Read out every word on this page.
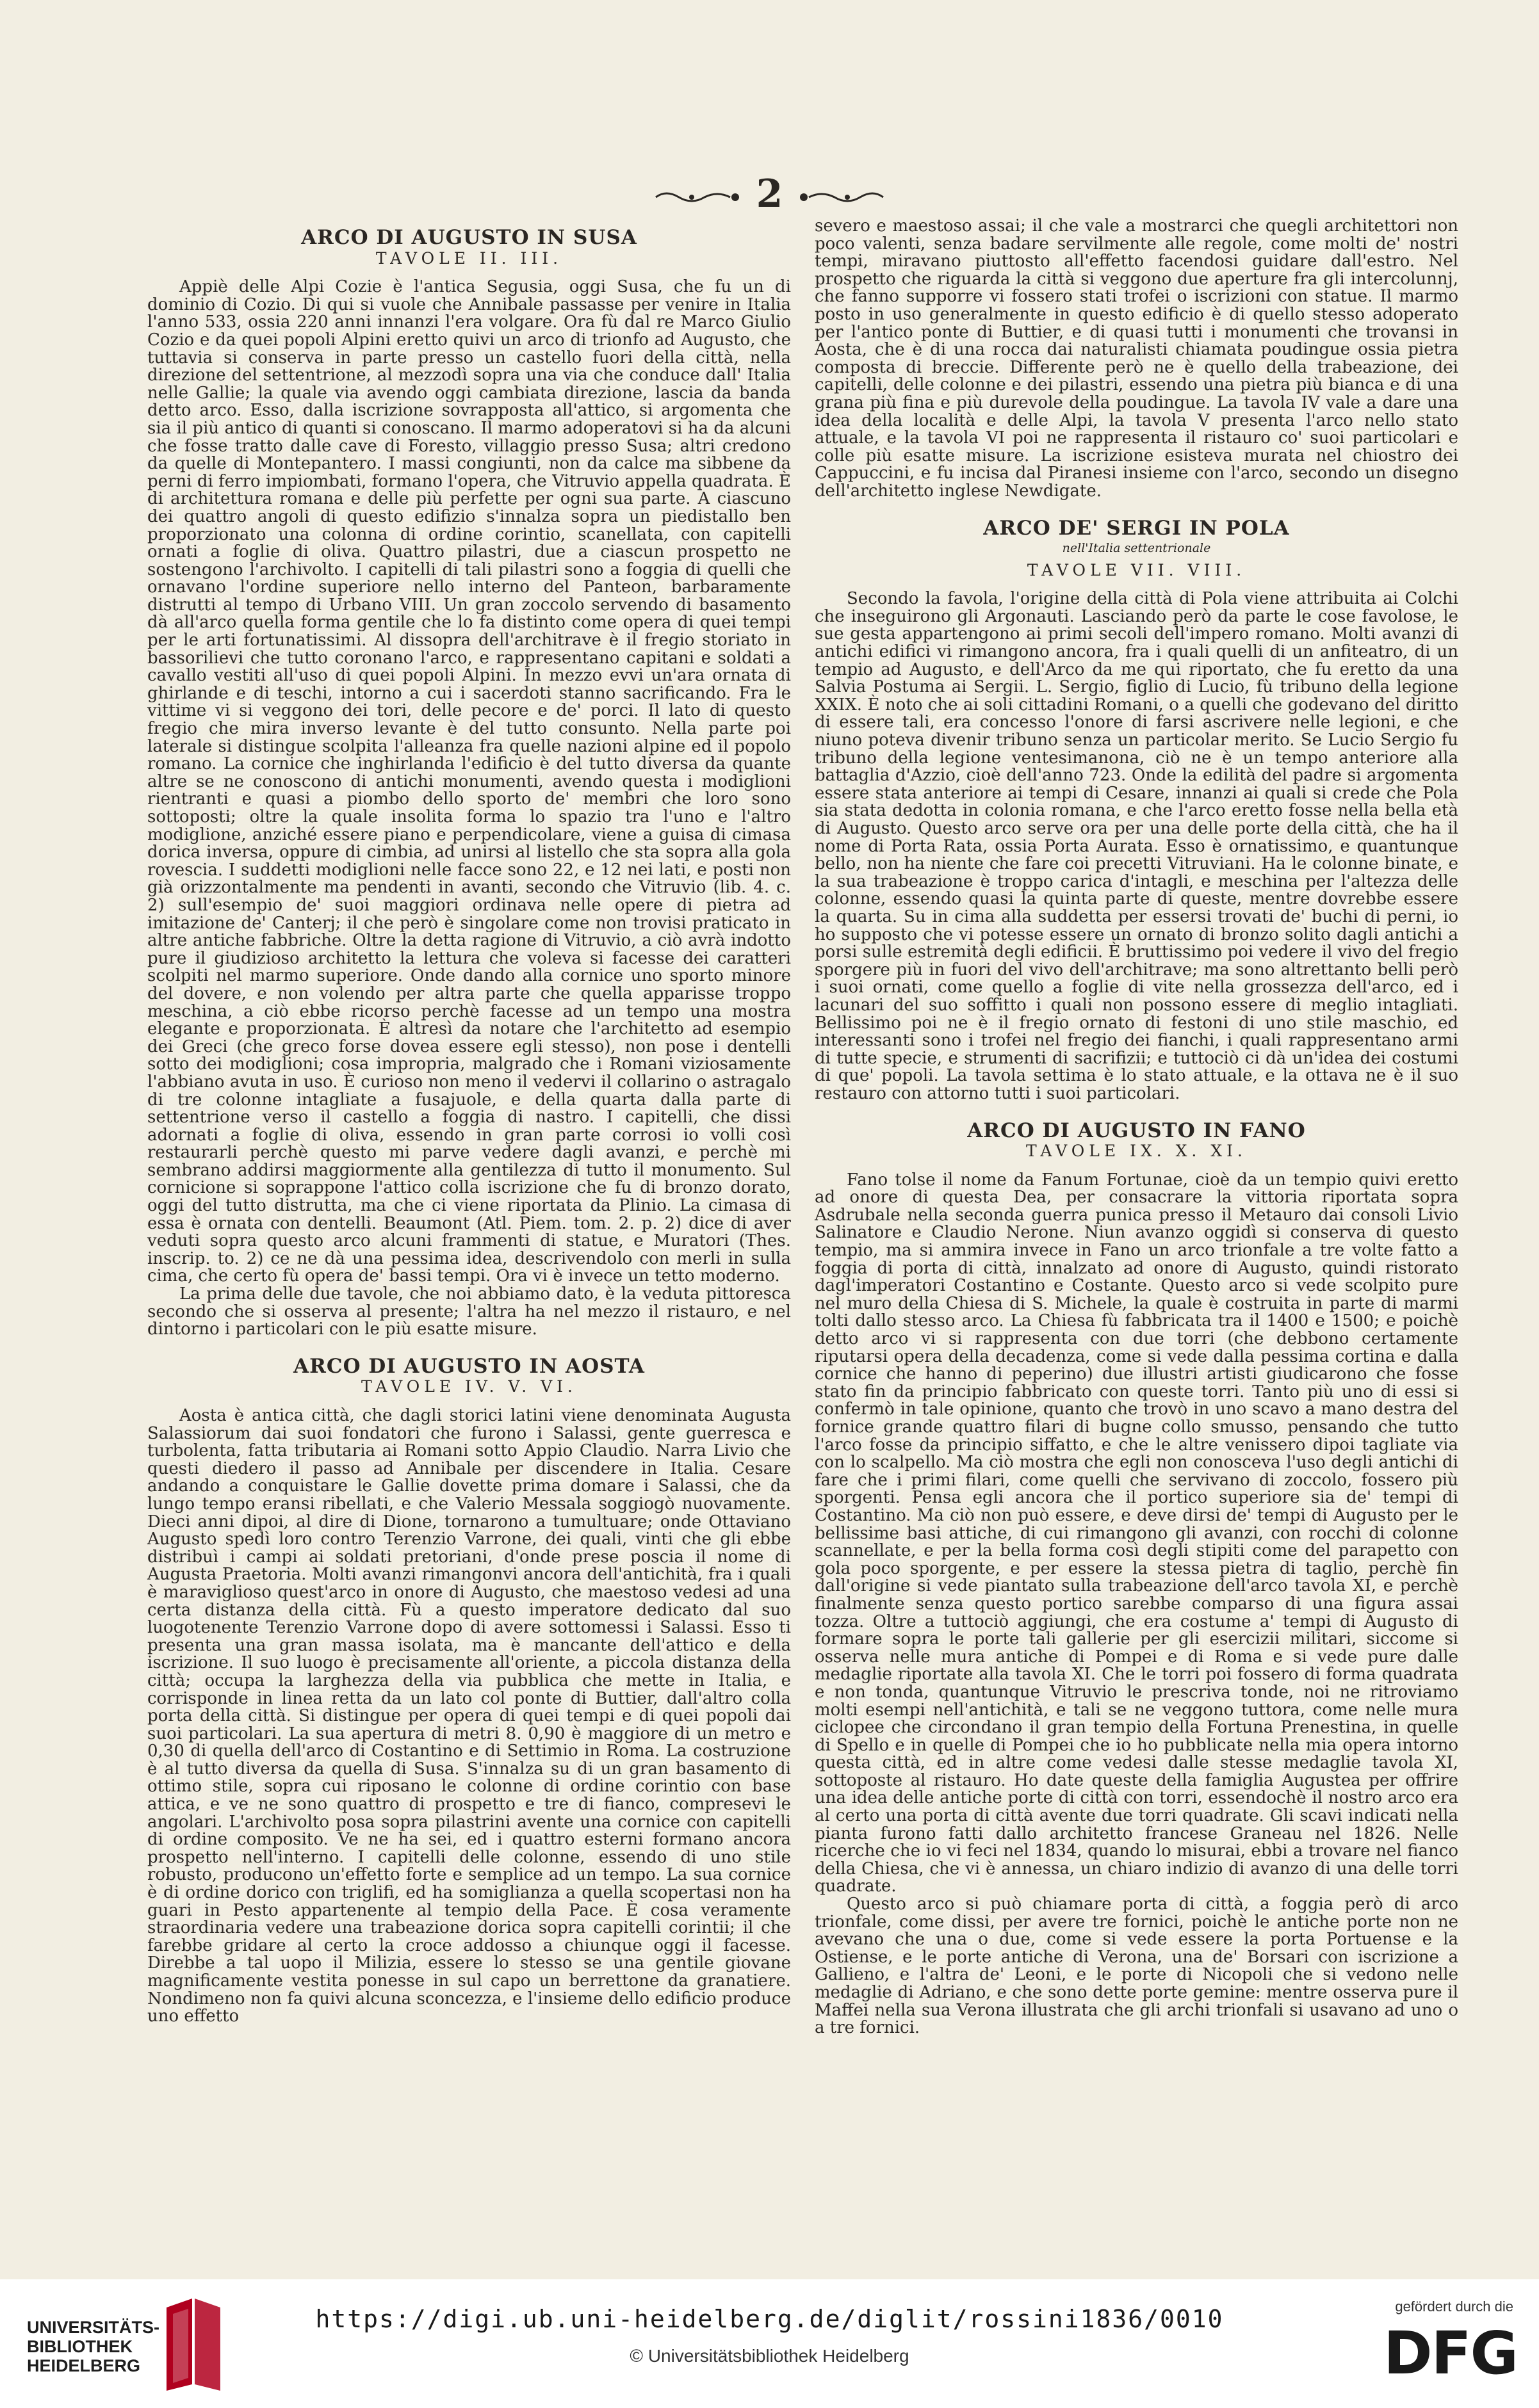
2
ARCO DI AUGUSTO IN SUSA
TAVOLE II. III.

Appiè delle Alpi Cozie è l'antica Segusia, oggi Susa, che fu un di dominio di Cozio. Di qui si vuole che Annibale passasse per venire in Italia l'anno 533, ossia 220 anni innanzi l'era volgare. Ora fù dal re Marco Giulio Cozio e da quei popoli Alpini eretto quivi un arco di trionfo ad Augusto, che tuttavia si conserva in parte presso un castello fuori della città, nella direzione del settentrione, al mezzodì sopra una via che conduce dall' Italia nelle Gallie; la quale via avendo oggi cambiata direzione, lascia da banda detto arco. Esso, dalla iscrizione sovrapposta all'attico, si argomenta che sia il più antico di quanti si conoscano. Il marmo adoperatovi si ha da alcuni che fosse tratto dalle cave di Foresto, villaggio presso Susa; altri credono da quelle di Montepantero. I massi congiunti, non da calce ma sibbene da perni di ferro impiombati, formano l'opera, che Vitruvio appella quadrata. È di architettura romana e delle più perfette per ogni sua parte. A ciascuno dei quattro angoli di questo edifizio s'innalza sopra un piedistallo ben proporzionato una colonna di ordine corintio, scanellata, con capitelli ornati a foglie di oliva. Quattro pilastri, due a ciascun prospetto ne sostengono l'archivolto. I capitelli di tali pilastri sono a foggia di quelli che ornavano l'ordine superiore nello interno del Panteon, barbaramente distrutti al tempo di Urbano VIII. Un gran zoccolo servendo di basamento dà all'arco quella forma gentile che lo fa distinto come opera di quei tempi per le arti fortunatissimi. Al dissopra dell'architrave è il fregio storiato in bassorilievi che tutto coronano l'arco, e rappresentano capitani e soldati a cavallo vestiti all'uso di quei popoli Alpini. In mezzo evvi un'ara ornata di ghirlande e di teschi, intorno a cui i sacerdoti stanno sacrificando. Fra le vittime vi si veggono dei tori, delle pecore e de' porci. Il lato di questo fregio che mira inverso levante è del tutto consunto. Nella parte poi laterale si distingue scolpita l'alleanza fra quelle nazioni alpine ed il popolo romano. La cornice che inghirlanda l'edificio è del tutto diversa da quante altre se ne conoscono di antichi monumenti, avendo questa i modiglioni rientranti e quasi a piombo dello sporto de' membri che loro sono sottoposti; oltre la quale insolita forma lo spazio tra l'uno e l'altro modiglione, anziché essere piano e perpendicolare, viene a guisa di cimasa dorica inversa, oppure di cimbia, ad unirsi al listello che sta sopra alla gola rovescia. I suddetti modiglioni nelle facce sono 22, e 12 nei lati, e posti non già orizzontalmente ma pendenti in avanti, secondo che Vitruvio (lib. 4. c. 2) sull'esempio de' suoi maggiori ordinava nelle opere di pietra ad imitazione de' Canterj; il che però è singolare come non trovisi praticato in altre antiche fabbriche. Oltre la detta ragione di Vitruvio, a ciò avrà indotto pure il giudizioso architetto la lettura che voleva si facesse dei caratteri scolpiti nel marmo superiore. Onde dando alla cornice uno sporto minore del dovere, e non volendo per altra parte che quella apparisse troppo meschina, a ciò ebbe ricorso perchè facesse ad un tempo una mostra elegante e proporzionata. È altresì da notare che l'architetto ad esempio dei Greci (che greco forse dovea essere egli stesso), non pose i dentelli sotto dei modiglioni; cosa impropria, malgrado che i Romani viziosamente l'abbiano avuta in uso. È curioso non meno il vedervi il collarino o astragalo di tre colonne intagliate a fusajuole, e della quarta dalla parte di settentrione verso il castello a foggia di nastro. I capitelli, che dissi adornati a foglie di oliva, essendo in gran parte corrosi io volli così restaurarli perchè questo mi parve vedere dagli avanzi, e perchè mi sembrano addirsi maggiormente alla gentilezza di tutto il monumento. Sul cornicione si soprappone l'attico colla iscrizione che fu di bronzo dorato, oggi del tutto distrutta, ma che ci viene riportata da Plinio. La cimasa di essa è ornata con dentelli. Beaumont (Atl. Piem. tom. 2. p. 2) dice di aver veduti sopra questo arco alcuni frammenti di statue, e Muratori (Thes. inscrip. to. 2) ce ne dà una pessima idea, descrivendolo con merli in sulla cima, che certo fù opera de' bassi tempi. Ora vi è invece un tetto moderno.

La prima delle due tavole, che noi abbiamo dato, è la veduta pittoresca secondo che si osserva al presente; l'altra ha nel mezzo il ristauro, e nel dintorno i particolari con le più esatte misure.

ARCO DI AUGUSTO IN AOSTA
TAVOLE IV. V. VI.

Aosta è antica città, che dagli storici latini viene denominata Augusta Salassiorum dai suoi fondatori che furono i Salassi, gente guerresca e turbolenta, fatta tributaria ai Romani sotto Appio Claudio. Narra Livio che questi diedero il passo ad Annibale per discendere in Italia. Cesare andando a conquistare le Gallie dovette prima domare i Salassi, che da lungo tempo eransi ribellati, e che Valerio Messala soggiogò nuovamente. Dieci anni dipoi, al dire di Dione, tornarono a tumultuare; onde Ottaviano Augusto spedì loro contro Terenzio Varrone, dei quali, vinti che gli ebbe distribuì i campi ai soldati pretoriani, d'onde prese poscia il nome di Augusta Praetoria. Molti avanzi rimangonvi ancora dell'antichità, fra i quali è maraviglioso quest'arco in onore di Augusto, che maestoso vedesi ad una certa distanza della città. Fù a questo imperatore dedicato dal suo luogotenente Terenzio Varrone dopo di avere sottomessi i Salassi. Esso ti presenta una gran massa isolata, ma è mancante dell'attico e della iscrizione. Il suo luogo è precisamente all'oriente, a piccola distanza della città; occupa la larghezza della via pubblica che mette in Italia, e corrisponde in linea retta da un lato col ponte di Buttier, dall'altro colla porta della città. Si distingue per opera di quei tempi e di quei popoli dai suoi particolari. La sua apertura di metri 8. 0,90 è maggiore di un metro e 0,30 di quella dell'arco di Costantino e di Settimio in Roma. La costruzione è al tutto diversa da quella di Susa. S'innalza su di un gran basamento di ottimo stile, sopra cui riposano le colonne di ordine corintio con base attica, e ve ne sono quattro di prospetto e tre di fianco, compresevi le angolari. L'archivolto posa sopra pilastrini avente una cornice con capitelli di ordine composito. Ve ne ha sei, ed i quattro esterni formano ancora prospetto nell'interno. I capitelli delle colonne, essendo di uno stile robusto, producono un'effetto forte e semplice ad un tempo. La sua cornice è di ordine dorico con triglifi, ed ha somiglianza a quella scopertasi non ha guari in Pesto appartenente al tempio della Pace. È cosa veramente straordinaria vedere una trabeazione dorica sopra capitelli corintii; il che farebbe gridare al certo la croce addosso a chiunque oggi il facesse. Direbbe a tal uopo il Milizia, essere lo stesso se una gentile giovane magnificamente vestita ponesse in sul capo un berrettone da granatiere. Nondimeno non fa quivi alcuna sconcezza, e l'insieme dello edificio produce uno effetto

severo e maestoso assai; il che vale a mostrarci che quegli architettori non poco valenti, senza badare servilmente alle regole, come molti de' nostri tempi, miravano piuttosto all'effetto facendosi guidare dall'estro. Nel prospetto che riguarda la città si veggono due aperture fra gli intercolunnj, che fanno supporre vi fossero stati trofei o iscrizioni con statue. Il marmo posto in uso generalmente in questo edificio è di quello stesso adoperato per l'antico ponte di Buttier, e di quasi tutti i monumenti che trovansi in Aosta, che è di una rocca dai naturalisti chiamata poudingue ossia pietra composta di breccie. Differente però ne è quello della trabeazione, dei capitelli, delle colonne e dei pilastri, essendo una pietra più bianca e di una grana più fina e più durevole della poudingue. La tavola IV vale a dare una idea della località e delle Alpi, la tavola V presenta l'arco nello stato attuale, e la tavola VI poi ne rappresenta il ristauro co' suoi particolari e colle più esatte misure. La iscrizione esisteva murata nel chiostro dei Cappuccini, e fu incisa dal Piranesi insieme con l'arco, secondo un disegno dell'architetto inglese Newdigate.

ARCO DE' SERGI IN POLA
nell'Italia settentrionale
TAVOLE VII. VIII.

Secondo la favola, l'origine della città di Pola viene attribuita ai Colchi che inseguirono gli Argonauti. Lasciando però da parte le cose favolose, le sue gesta appartengono ai primi secoli dell'impero romano. Molti avanzi di antichi edifici vi rimangono ancora, fra i quali quelli di un anfiteatro, di un tempio ad Augusto, e dell'Arco da me qui riportato, che fu eretto da una Salvia Postuma ai Sergii. L. Sergio, figlio di Lucio, fù tribuno della legione XXIX. È noto che ai soli cittadini Romani, o a quelli che godevano del diritto di essere tali, era concesso l'onore di farsi ascrivere nelle legioni, e che niuno poteva divenir tribuno senza un particolar merito. Se Lucio Sergio fu tribuno della legione ventesimanona, ciò ne è un tempo anteriore alla battaglia d'Azzio, cioè dell'anno 723. Onde la edilità del padre si argomenta essere stata anteriore ai tempi di Cesare, innanzi ai quali si crede che Pola sia stata dedotta in colonia romana, e che l'arco eretto fosse nella bella età di Augusto. Questo arco serve ora per una delle porte della città, che ha il nome di Porta Rata, ossia Porta Aurata. Esso è ornatissimo, e quantunque bello, non ha niente che fare coi precetti Vitruviani. Ha le colonne binate, e la sua trabeazione è troppo carica d'intagli, e meschina per l'altezza delle colonne, essendo quasi la quinta parte di queste, mentre dovrebbe essere la quarta. Su in cima alla suddetta per essersi trovati de' buchi di perni, io ho supposto che vi potesse essere un ornato di bronzo solito dagli antichi a porsi sulle estremità degli edificii. È bruttissimo poi vedere il vivo del fregio sporgere più in fuori del vivo dell'architrave; ma sono altrettanto belli però i suoi ornati, come quello a foglie di vite nella grossezza dell'arco, ed i lacunari del suo soffitto i quali non possono essere di meglio intagliati. Bellissimo poi ne è il fregio ornato di festoni di uno stile maschio, ed interessanti sono i trofei nel fregio dei fianchi, i quali rappresentano armi di tutte specie, e strumenti di sacrifizii; e tuttociò ci dà un'idea dei costumi di que' popoli. La tavola settima è lo stato attuale, e la ottava ne è il suo restauro con attorno tutti i suoi particolari.

ARCO DI AUGUSTO IN FANO
TAVOLE IX. X. XI.

Fano tolse il nome da Fanum Fortunae, cioè da un tempio quivi eretto ad onore di questa Dea, per consacrare la vittoria riportata sopra Asdrubale nella seconda guerra punica presso il Metauro dai consoli Livio Salinatore e Claudio Nerone. Niun avanzo oggidì si conserva di questo tempio, ma si ammira invece in Fano un arco trionfale a tre volte fatto a foggia di porta di città, innalzato ad onore di Augusto, quindi ristorato dagl'imperatori Costantino e Costante. Questo arco si vede scolpito pure nel muro della Chiesa di S. Michele, la quale è costruita in parte di marmi tolti dallo stesso arco. La Chiesa fù fabbricata tra il 1400 e 1500; e poichè detto arco vi si rappresenta con due torri (che debbono certamente riputarsi opera della decadenza, come si vede dalla pessima cortina e dalla cornice che hanno di peperino) due illustri artisti giudicarono che fosse stato fin da principio fabbricato con queste torri. Tanto più uno di essi si confermò in tale opinione, quanto che trovò in uno scavo a mano destra del fornice grande quattro filari di bugne collo smusso, pensando che tutto l'arco fosse da principio siffatto, e che le altre venissero dipoi tagliate via con lo scalpello. Ma ciò mostra che egli non conosceva l'uso degli antichi di fare che i primi filari, come quelli che servivano di zoccolo, fossero più sporgenti. Pensa egli ancora che il portico superiore sia de' tempi di Costantino. Ma ciò non può essere, e deve dirsi de' tempi di Augusto per le bellissime basi attiche, di cui rimangono gli avanzi, con rocchi di colonne scannellate, e per la bella forma così degli stipiti come del parapetto con gola poco sporgente, e per essere la stessa pietra di taglio, perchè fin dall'origine si vede piantato sulla trabeazione dell'arco tavola XI, e perchè finalmente senza questo portico sarebbe comparso di una figura assai tozza. Oltre a tuttociò aggiungi, che era costume a' tempi di Augusto di formare sopra le porte tali gallerie per gli esercizii militari, siccome si osserva nelle mura antiche di Pompei e di Roma e si vede pure dalle medaglie riportate alla tavola XI. Che le torri poi fossero di forma quadrata e non tonda, quantunque Vitruvio le prescriva tonde, noi ne ritroviamo molti esempi nell'antichità, e tali se ne veggono tuttora, come nelle mura ciclopee che circondano il gran tempio della Fortuna Prenestina, in quelle di Spello e in quelle di Pompei che io ho pubblicate nella mia opera intorno questa città, ed in altre come vedesi dalle stesse medaglie tavola XI, sottoposte al ristauro. Ho date queste della famiglia Augustea per offrire una idea delle antiche porte di città con torri, essendochè il nostro arco era al certo una porta di città avente due torri quadrate. Gli scavi indicati nella pianta furono fatti dallo architetto francese Graneau nel 1826. Nelle ricerche che io vi feci nel 1834, quando lo misurai, ebbi a trovare nel fianco della Chiesa, che vi è annessa, un chiaro indizio di avanzo di una delle torri quadrate.

Questo arco si può chiamare porta di città, a foggia però di arco trionfale, come dissi, per avere tre fornici, poichè le antiche porte non ne avevano che una o due, come si vede essere la porta Portuense e la Ostiense, e le porte antiche di Verona, una de' Borsari con iscrizione a Gallieno, e l'altra de' Leoni, e le porte di Nicopoli che si vedono nelle medaglie di Adriano, e che sono dette porte gemine: mentre osserva pure il Maffei nella sua Verona illustrata che gli archi trionfali si usavano ad uno o a tre fornici.

UNIVERSITÄTS-
BIBLIOTHEK
HEIDELBERG
https://digi.ub.uni-heidelberg.de/diglit/rossini1836/0010
© Universitätsbibliothek Heidelberg
gefördert durch die
DFG
